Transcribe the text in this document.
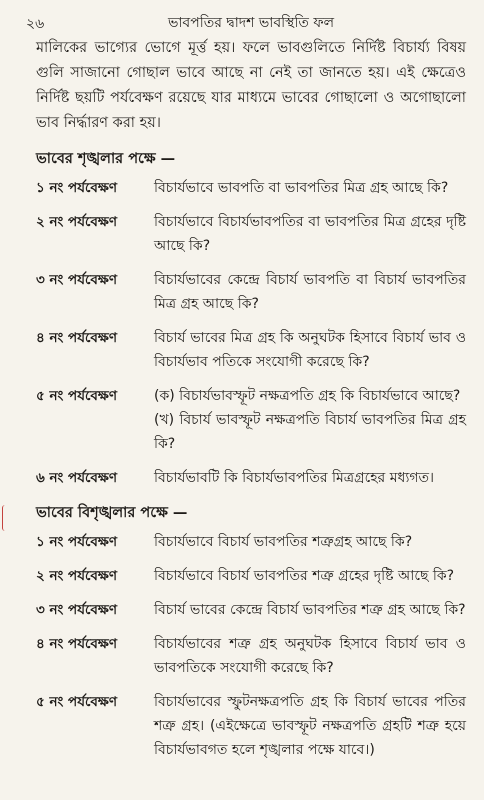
২৬	ভাবপতির দ্বাদশ ভাবস্থিতি ফল

মালিকের ভাগ্যের ভোগে মূর্ত্ত হয়। ফলে ভাবগুলিতে নির্দিষ্ট বিচার্য্য বিষয় গুলি সাজানো গোছাল ভাবে আছে না নেই তা জানতে হয়। এই ক্ষেত্রেও নির্দিষ্ট ছয়টি পর্যবেক্ষণ রয়েছে যার মাধ্যমে ভাবের গোছালো ও অগোছালো ভাব নির্দ্ধারণ করা হয়।

ভাবের শৃঙ্খলার পক্ষে —
১ নং পর্যবেক্ষণ	বিচার্যভাবে ভাবপতি বা ভাবপতির মিত্র গ্রহ আছে কি?
২ নং পর্যবেক্ষণ	বিচার্যভাবে বিচার্যভাবপতির বা ভাবপতির মিত্র গ্রহের দৃষ্টি আছে কি?
৩ নং পর্যবেক্ষণ	বিচার্যভাবের কেন্দ্রে বিচার্য ভাবপতি বা বিচার্য ভাবপতির মিত্র গ্রহ আছে কি?
৪ নং পর্যবেক্ষণ	বিচার্য ভাবের মিত্র গ্রহ কি অনুঘটক হিসাবে বিচার্য ভাব ও বিচার্যভাব পতিকে সংযোগী করেছে কি?
৫ নং পর্যবেক্ষণ	(ক) বিচার্যভাবস্ফূট নক্ষত্রপতি গ্রহ কি বিচার্যভাবে আছে?
(খ) বিচার্য ভাবস্ফূট নক্ষত্রপতি বিচার্য ভাবপতির মিত্র গ্রহ কি?
৬ নং পর্যবেক্ষণ	বিচার্যভাবটি কি বিচার্যভাবপতির মিত্রগ্রহের মধ্যগত।
ভাবের বিশৃঙ্খলার পক্ষে —
১ নং পর্যবেক্ষণ	বিচার্যভাবে বিচার্য ভাবপতির শত্রুগ্রহ আছে কি?
২ নং পর্যবেক্ষণ	বিচার্যভাবে বিচার্য ভাবপতির শত্রু গ্রহের দৃষ্টি আছে কি?
৩ নং পর্যবেক্ষণ	বিচার্য ভাবের কেন্দ্রে বিচার্য ভাবপতির শত্রু গ্রহ আছে কি?
৪ নং পর্যবেক্ষণ	বিচার্যভাবের শত্রু গ্রহ অনুঘটক হিসাবে বিচার্য ভাব ও ভাবপতিকে সংযোগী করেছে কি?
৫ নং পর্যবেক্ষণ	বিচার্যভাবের স্ফুটনক্ষত্রপতি গ্রহ কি বিচার্য ভাবের পতির শত্রু গ্রহ। (এইক্ষেত্রে ভাবস্ফূট নক্ষত্রপতি গ্রহটি শত্রু হয়ে বিচার্যভাবগত হলে শৃঙ্খলার পক্ষে যাবে।)
